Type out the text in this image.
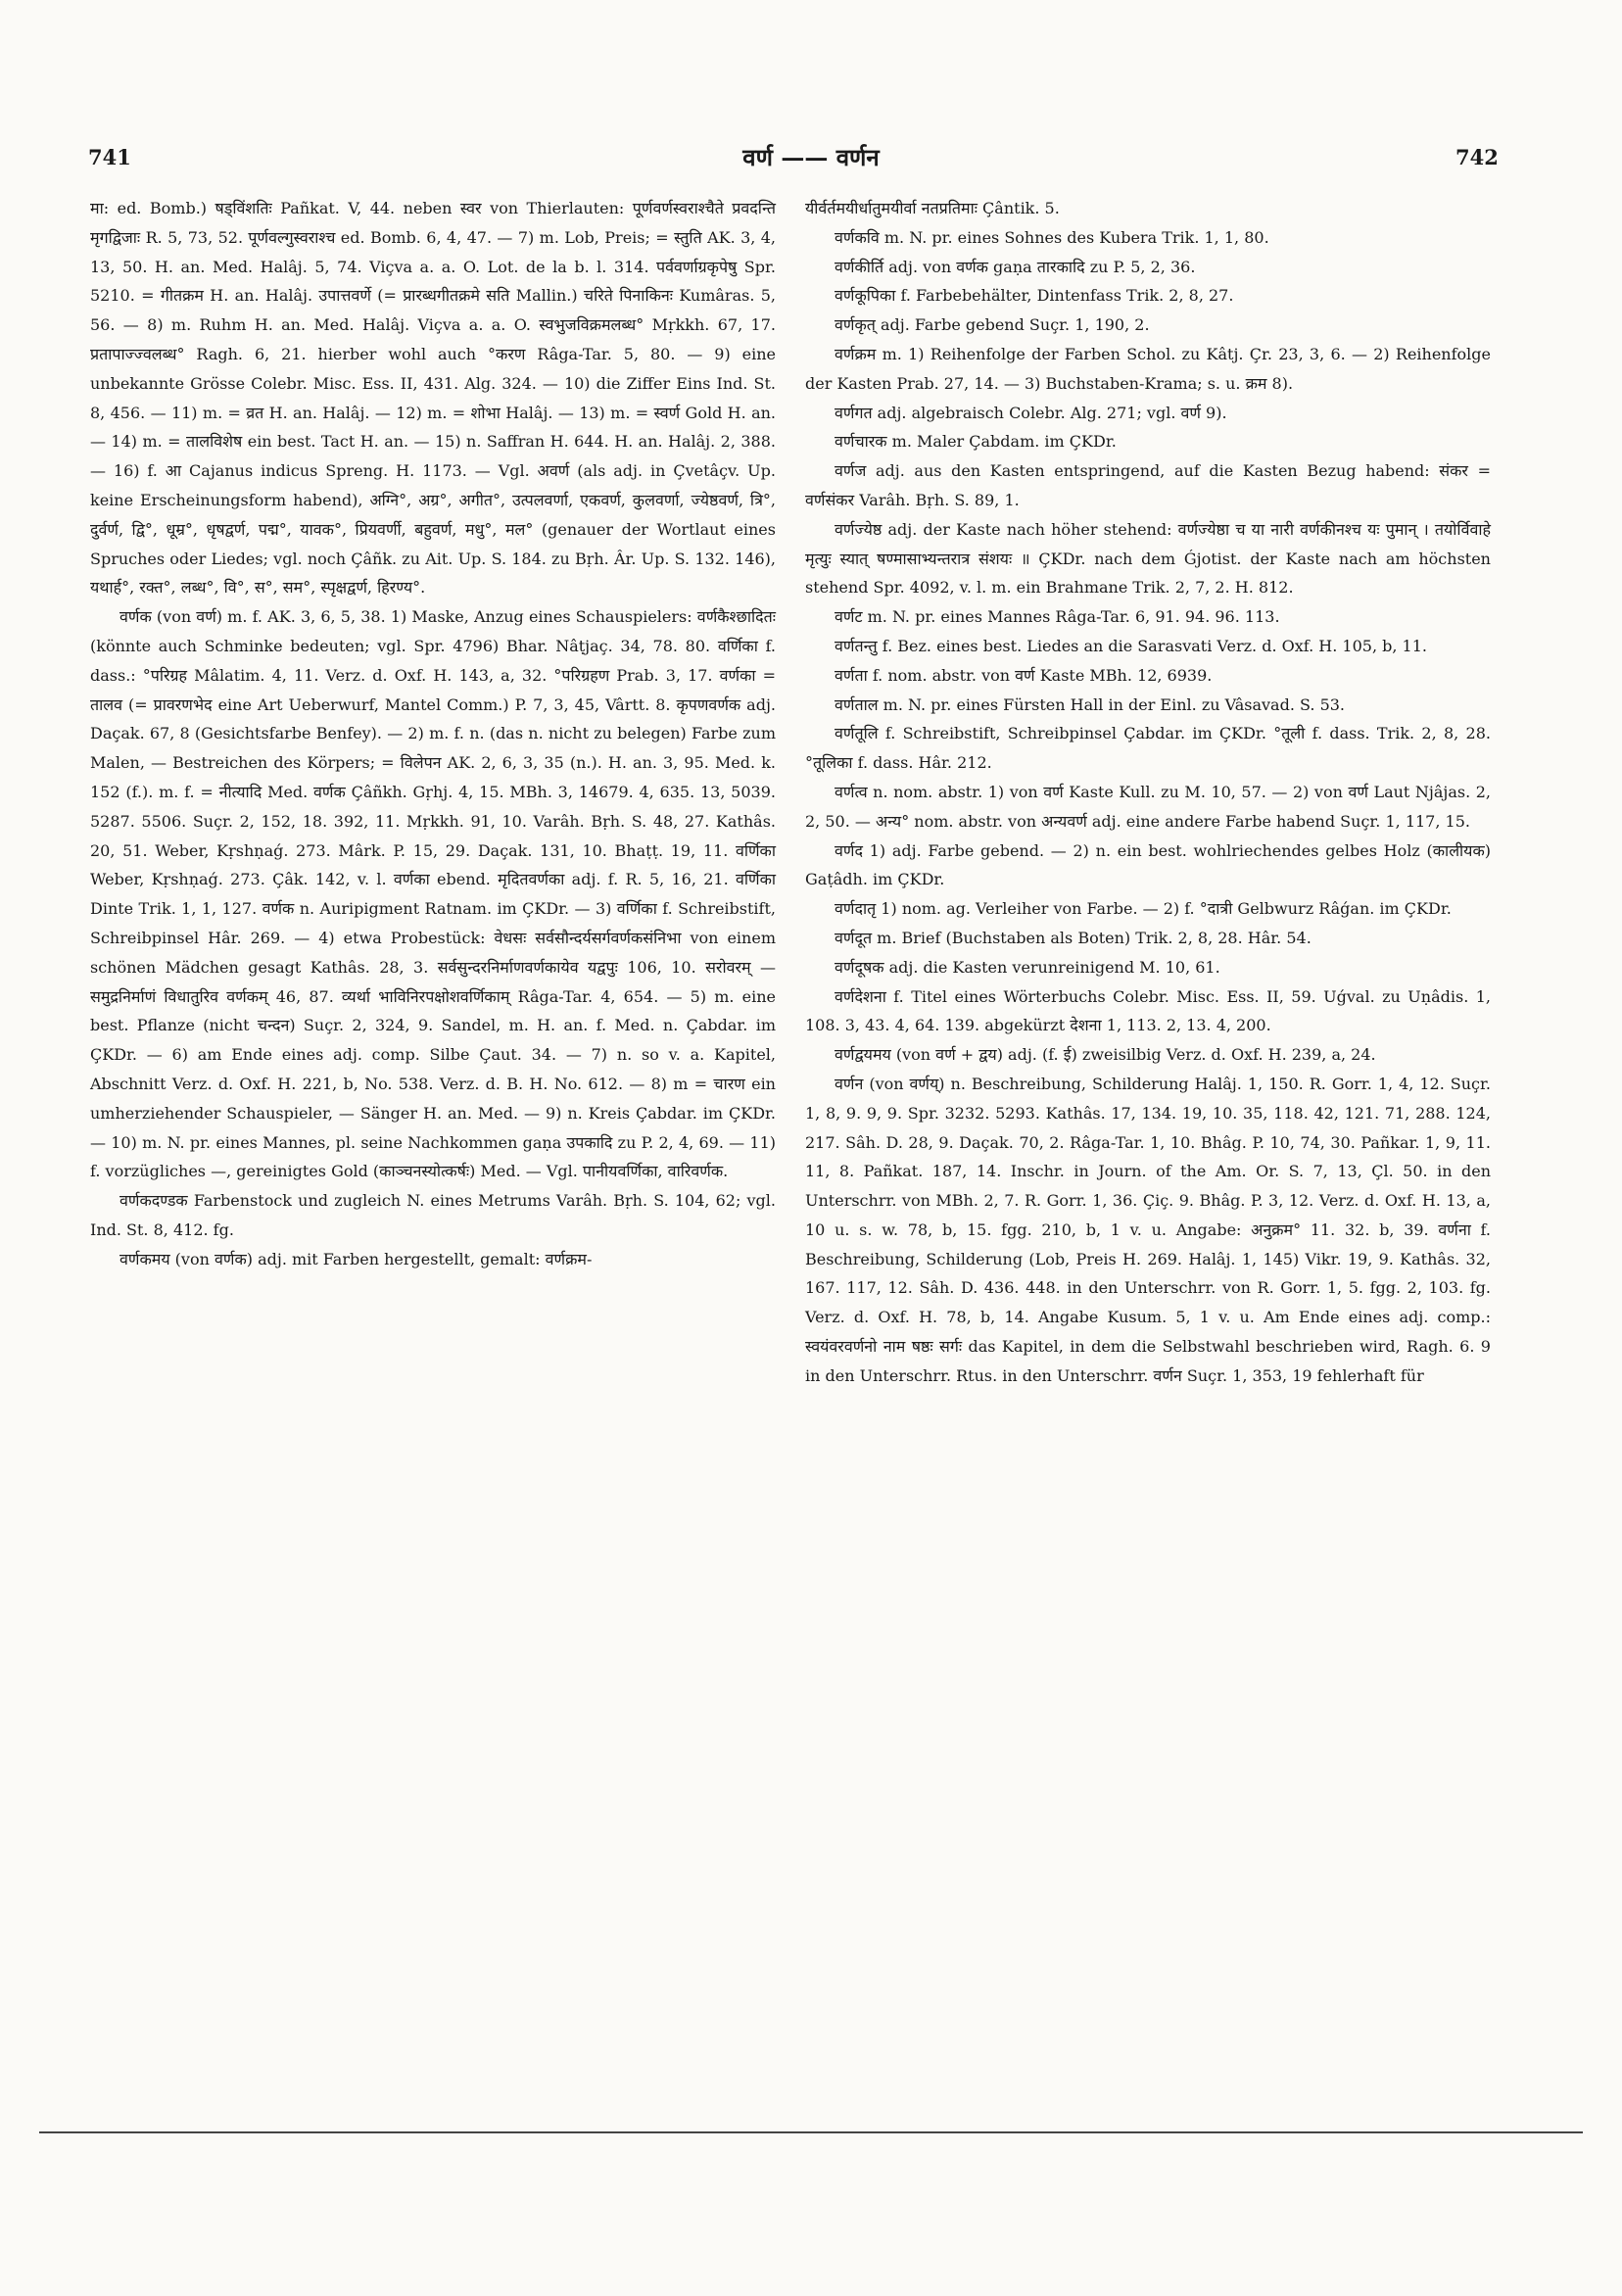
741	वर्ण —— वर्णन	742

मा: ed. Bomb.) षड्विंशतिः Pañkat. V, 44. neben स्वर von Thierlauten: पूर्णवर्णस्वराश्चैते प्रवदन्ति मृगद्विजाः R. 5, 73, 52. पूर्णवल्गुस्वराश्च ed. Bomb. 6, 4, 47. — 7) m. Lob, Preis; = स्तुति AK. 3, 4, 13, 50. H. an. Med. Halâj. 5, 74. Viçva a. a. O. Lot. de la b. l. 314. पर्ववर्णाग्रकृपेषु Spr. 5210. = गीतक्रम H. an. Halâj. उपात्तवर्णे (= प्रारब्धगीतक्रमे सति Mallin.) चरिते पिनाकिनः Kumâras. 5, 56. — 8) m. Ruhm H. an. Med. Halâj. Viçva a. a. O. स्वभुजविक्रमलब्ध° Mṛkkh. 67, 17. प्रतापाज्ज्वलब्ध° Ragh. 6, 21. hierber wohl auch °करण Râga-Tar. 5, 80. — 9) eine unbekannte Grösse Colebr. Misc. Ess. II, 431. Alg. 324. — 10) die Ziffer Eins Ind. St. 8, 456. — 11) m. = व्रत H. an. Halâj. — 12) m. = शोभा Halâj. — 13) m. = स्वर्ण Gold H. an. — 14) m. = तालविशेष ein best. Tact H. an. — 15) n. Saffran H. 644. H. an. Halâj. 2, 388. — 16) f. आ Cajanus indicus Spreng. H. 1173. — Vgl. अवर्ण (als adj. in Çvetâçv. Up. keine Erscheinungsform habend), अग्नि°, अग्र°, अगीत°, उत्पलवर्णा, एकवर्ण, कुलवर्णा, ज्येष्ठवर्ण, त्रि°, दुर्वर्ण, द्वि°, धूम्र°, धृषद्वर्ण, पद्म°, यावक°, प्रियवर्णी, बहुवर्ण, मधु°, मल° (genauer der Wortlaut eines Spruches oder Liedes; vgl. noch Çâñk. zu Ait. Up. S. 184. zu Bṛh. Âr. Up. S. 132. 146), यथार्ह°, रक्त°, लब्ध°, वि°, स°, सम°, स्पृक्षद्वर्ण, हिरण्य°.

वर्णक (von वर्ण) m. f. AK. 3, 6, 5, 38. 1) Maske, Anzug eines Schauspielers: वर्णकैश्छादितः (könnte auch Schminke bedeuten; vgl. Spr. 4796) Bhar. Nâṭjaç. 34, 78. 80. वर्णिका f. dass.: °परिग्रह Mâlatim. 4, 11. Verz. d. Oxf. H. 143, a, 32. °परिग्रहण Prab. 3, 17. वर्णका = तालव (= प्रावरणभेद eine Art Ueberwurf, Mantel Comm.) P. 7, 3, 45, Vârtt. 8. कृपणवर्णक adj. Daçak. 67, 8 (Gesichtsfarbe Benfey). — 2) m. f. n. (das n. nicht zu belegen) Farbe zum Malen, — Bestreichen des Körpers; = विलेपन AK. 2, 6, 3, 35 (n.). H. an. 3, 95. Med. k. 152 (f.). m. f. = नीत्यादि Med. वर्णक Çâñkh. Gṛhj. 4, 15. MBh. 3, 14679. 4, 635. 13, 5039. 5287. 5506. Suçr. 2, 152, 18. 392, 11. Mṛkkh. 91, 10. Varâh. Bṛh. S. 48, 27. Kathâs. 20, 51. Weber, Kṛshṇaǵ. 273. Mârk. P. 15, 29. Daçak. 131, 10. Bhaṭṭ. 19, 11. वर्णिका Weber, Kṛshṇaǵ. 273. Çâk. 142, v. l. वर्णका ebend. मृदितवर्णका adj. f. R. 5, 16, 21. वर्णिका Dinte Trik. 1, 1, 127. वर्णक n. Auripigment Ratnam. im ÇKDr. — 3) वर्णिका f. Schreibstift, Schreibpinsel Hâr. 269. — 4) etwa Probestück: वेधसः सर्वसौन्दर्यसर्गवर्णकसंनिभा von einem schönen Mädchen gesagt Kathâs. 28, 3. सर्वसुन्दरनिर्माणवर्णकायेव यद्वपुः 106, 10. सरोवरम् — समुद्रनिर्माणं विधातुरिव वर्णकम् 46, 87. व्यर्था भाविनिरपक्षोशवर्णिकाम् Râga-Tar. 4, 654. — 5) m. eine best. Pflanze (nicht चन्दन) Suçr. 2, 324, 9. Sandel, m. H. an. f. Med. n. Çabdar. im ÇKDr. — 6) am Ende eines adj. comp. Silbe Çaut. 34. — 7) n. so v. a. Kapitel, Abschnitt Verz. d. Oxf. H. 221, b, No. 538. Verz. d. B. H. No. 612. — 8) m = चारण ein umherziehender Schauspieler, — Sänger H. an. Med. — 9) n. Kreis Çabdar. im ÇKDr. — 10) m. N. pr. eines Mannes, pl. seine Nachkommen gaṇa उपकादि zu P. 2, 4, 69. — 11) f. vorzügliches —, gereinigtes Gold (काञ्चनस्योत्कर्षः) Med. — Vgl. पानीयवर्णिका, वारिवर्णक.

वर्णकदण्डक Farbenstock und zugleich N. eines Metrums Varâh. Bṛh. S. 104, 62; vgl. Ind. St. 8, 412. fg.

वर्णकमय (von वर्णक) adj. mit Farben hergestellt, gemalt: वर्णक्रम-

यीर्वर्तमयीर्धातुमयीर्वा नतप्रतिमाः Çântik. 5.

वर्णकवि m. N. pr. eines Sohnes des Kubera Trik. 1, 1, 80.

वर्णकीर्ति adj. von वर्णक gaṇa तारकादि zu P. 5, 2, 36.

वर्णकूपिका f. Farbebehälter, Dintenfass Trik. 2, 8, 27.

वर्णकृत् adj. Farbe gebend Suçr. 1, 190, 2.

वर्णक्रम m. 1) Reihenfolge der Farben Schol. zu Kâtj. Çr. 23, 3, 6. — 2) Reihenfolge der Kasten Prab. 27, 14. — 3) Buchstaben-Krama; s. u. क्रम 8).

वर्णगत adj. algebraisch Colebr. Alg. 271; vgl. वर्ण 9).

वर्णचारक m. Maler Çabdam. im ÇKDr.

वर्णज adj. aus den Kasten entspringend, auf die Kasten Bezug habend: संकर = वर्णसंकर Varâh. Bṛh. S. 89, 1.

वर्णज्येष्ठ adj. der Kaste nach höher stehend: वर्णज्येष्ठा च या नारी वर्णकीनश्च यः पुमान् । तयोर्विवाहे मृत्युः स्यात् षण्मासाभ्यन्तरात्र संशयः ॥ ÇKDr. nach dem Ǵjotist. der Kaste nach am höchsten stehend Spr. 4092, v. l. m. ein Brahmane Trik. 2, 7, 2. H. 812.

वर्णट m. N. pr. eines Mannes Râga-Tar. 6, 91. 94. 96. 113.

वर्णतन्तु f. Bez. eines best. Liedes an die Sarasvati Verz. d. Oxf. H. 105, b, 11.

वर्णता f. nom. abstr. von वर्ण Kaste MBh. 12, 6939.

वर्णताल m. N. pr. eines Fürsten Hall in der Einl. zu Vâsavad. S. 53.

वर्णतूलि f. Schreibstift, Schreibpinsel Çabdar. im ÇKDr. °तूली f. dass. Trik. 2, 8, 28. °तूलिका f. dass. Hâr. 212.

वर्णत्व n. nom. abstr. 1) von वर्ण Kaste Kull. zu M. 10, 57. — 2) von वर्ण Laut Njâjas. 2, 2, 50. — अन्य° nom. abstr. von अन्यवर्ण adj. eine andere Farbe habend Suçr. 1, 117, 15.

वर्णद 1) adj. Farbe gebend. — 2) n. ein best. wohlriechendes gelbes Holz (कालीयक) Gaṭâdh. im ÇKDr.

वर्णदातृ 1) nom. ag. Verleiher von Farbe. — 2) f. °दात्री Gelbwurz Râǵan. im ÇKDr.

वर्णदूत m. Brief (Buchstaben als Boten) Trik. 2, 8, 28. Hâr. 54.

वर्णदूषक adj. die Kasten verunreinigend M. 10, 61.

वर्णदेशना f. Titel eines Wörterbuchs Colebr. Misc. Ess. II, 59. Uǵval. zu Uṇâdis. 1, 108. 3, 43. 4, 64. 139. abgekürzt देशना 1, 113. 2, 13. 4, 200.

वर्णद्वयमय (von वर्ण + द्वय) adj. (f. ई) zweisilbig Verz. d. Oxf. H. 239, a, 24.

वर्णन (von वर्णय्) n. Beschreibung, Schilderung Halâj. 1, 150. R. Gorr. 1, 4, 12. Suçr. 1, 8, 9. 9, 9. Spr. 3232. 5293. Kathâs. 17, 134. 19, 10. 35, 118. 42, 121. 71, 288. 124, 217. Sâh. D. 28, 9. Daçak. 70, 2. Râga-Tar. 1, 10. Bhâg. P. 10, 74, 30. Pañkar. 1, 9, 11. 11, 8. Pañkat. 187, 14. Inschr. in Journ. of the Am. Or. S. 7, 13, Çl. 50. in den Unterschrr. von MBh. 2, 7. R. Gorr. 1, 36. Çiç. 9. Bhâg. P. 3, 12. Verz. d. Oxf. H. 13, a, 10 u. s. w. 78, b, 15. fgg. 210, b, 1 v. u. Angabe: अनुक्रम° 11. 32. b, 39. वर्णना f. Beschreibung, Schilderung (Lob, Preis H. 269. Halâj. 1, 145) Vikr. 19, 9. Kathâs. 32, 167. 117, 12. Sâh. D. 436. 448. in den Unterschrr. von R. Gorr. 1, 5. fgg. 2, 103. fg. Verz. d. Oxf. H. 78, b, 14. Angabe Kusum. 5, 1 v. u. Am Ende eines adj. comp.: स्वयंवरवर्णनो नाम षष्ठः सर्गः das Kapitel, in dem die Selbstwahl beschrieben wird, Ragh. 6. 9 in den Unterschrr. Rtus. in den Unterschrr. वर्णन Suçr. 1, 353, 19 fehlerhaft für
